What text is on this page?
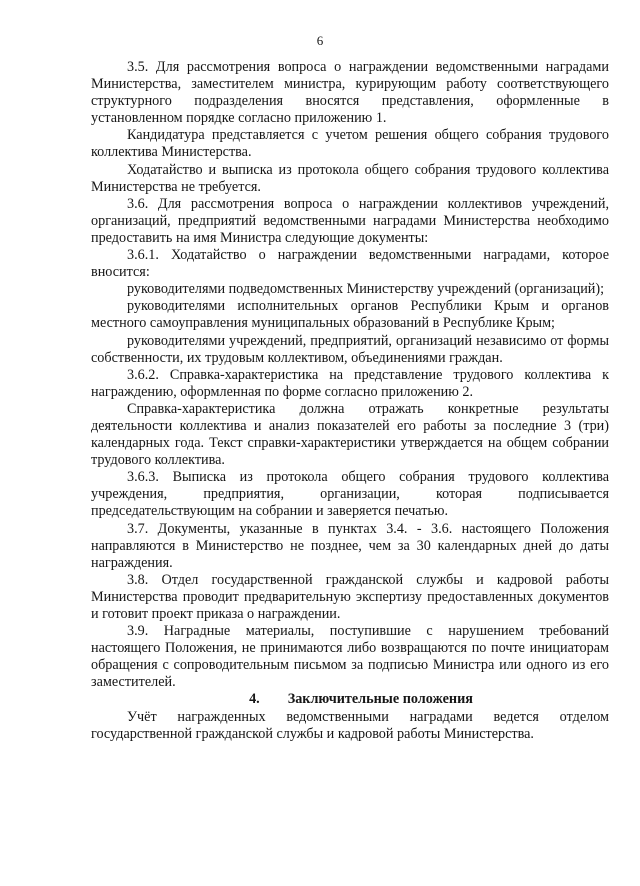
6

3.5. Для рассмотрения вопроса о награждении ведомственными наградами Министерства, заместителем министра, курирующим работу соответствующего структурного подразделения вносятся представления, оформленные в установленном порядке согласно приложению 1.

Кандидатура представляется с учетом решения общего собрания трудового коллектива Министерства.

Ходатайство и выписка из протокола общего собрания трудового коллектива Министерства не требуется.

3.6. Для рассмотрения вопроса о награждении коллективов учреждений, организаций, предприятий ведомственными наградами Министерства необходимо предоставить на имя Министра следующие документы:

3.6.1. Ходатайство о награждении ведомственными наградами, которое вносится:

руководителями подведомственных Министерству учреждений (организаций);

руководителями исполнительных органов Республики Крым и органов местного самоуправления муниципальных образований в Республике Крым;

руководителями учреждений, предприятий, организаций независимо от формы собственности, их трудовым коллективом, объединениями граждан.

3.6.2. Справка-характеристика на представление трудового коллектива к награждению, оформленная по форме согласно приложению 2.

Справка-характеристика должна отражать конкретные результаты деятельности коллектива и анализ показателей его работы за последние 3 (три) календарных года. Текст справки-характеристики утверждается на общем собрании трудового коллектива.

3.6.3. Выписка из протокола общего собрания трудового коллектива учреждения, предприятия, организации, которая подписывается председательствующим на собрании и заверяется печатью.

3.7. Документы, указанные в пунктах 3.4. - 3.6. настоящего Положения направляются в Министерство не позднее, чем за 30 календарных дней до даты награждения.

3.8. Отдел государственной гражданской службы и кадровой работы Министерства проводит предварительную экспертизу предоставленных документов и готовит проект приказа о награждении.

3.9. Наградные материалы, поступившие с нарушением требований настоящего Положения, не принимаются либо возвращаются по почте инициаторам обращения с сопроводительным письмом за подписью Министра или одного из его заместителей.

4. Заключительные положения

Учёт награжденных ведомственными наградами ведется отделом государственной гражданской службы и кадровой работы Министерства.
